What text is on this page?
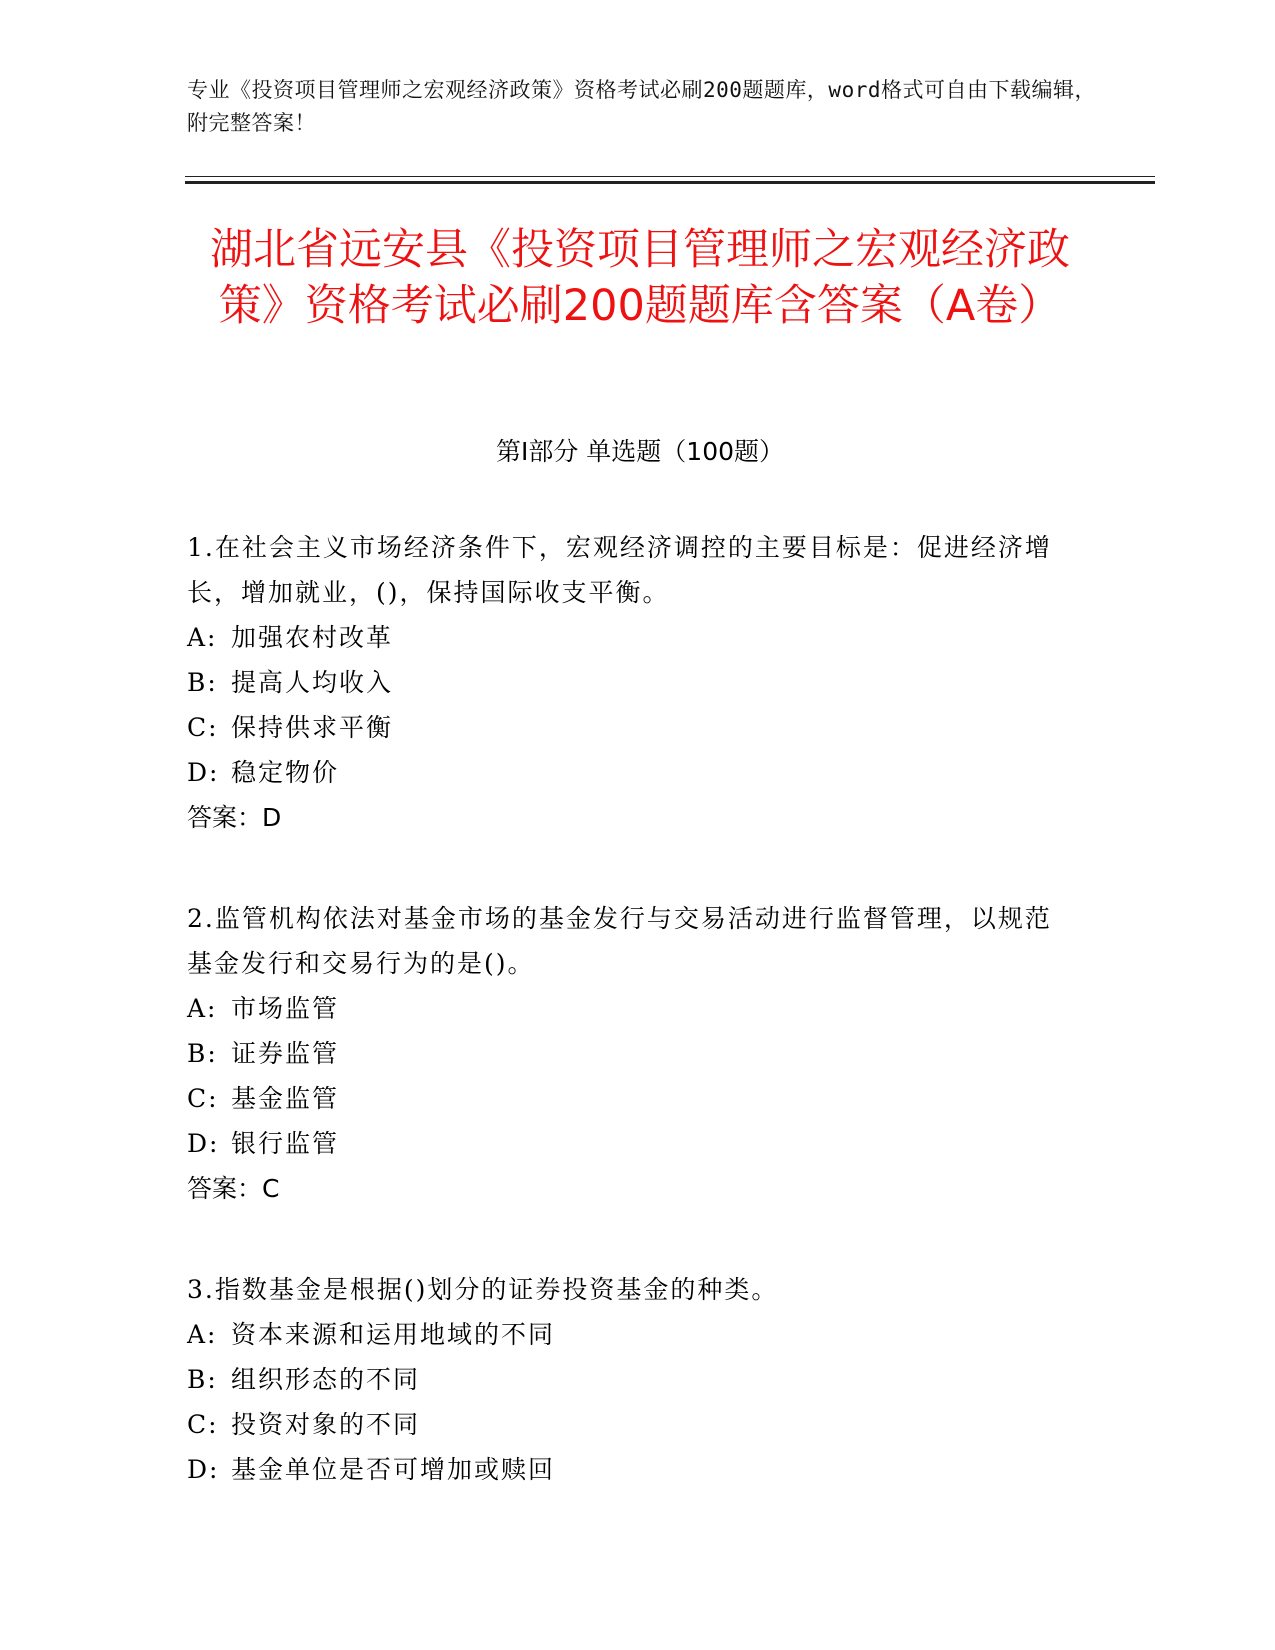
专业《投资项目管理师之宏观经济政策》资格考试必刷200题题库，word格式可自由下载编辑，附完整答案！
湖北省远安县《投资项目管理师之宏观经济政策》资格考试必刷200题题库含答案（A卷）
第Ⅰ部分 单选题（100题）

1.在社会主义市场经济条件下，宏观经济调控的主要目标是：促进经济增长，增加就业，()，保持国际收支平衡。

A: 加强农村改革

B: 提高人均收入

C: 保持供求平衡

D: 稳定物价

答案：D

2.监管机构依法对基金市场的基金发行与交易活动进行监督管理，以规范基金发行和交易行为的是()。

A: 市场监管

B: 证券监管

C: 基金监管

D: 银行监管

答案：C

3.指数基金是根据()划分的证券投资基金的种类。

A: 资本来源和运用地域的不同

B: 组织形态的不同

C: 投资对象的不同

D: 基金单位是否可增加或赎回
